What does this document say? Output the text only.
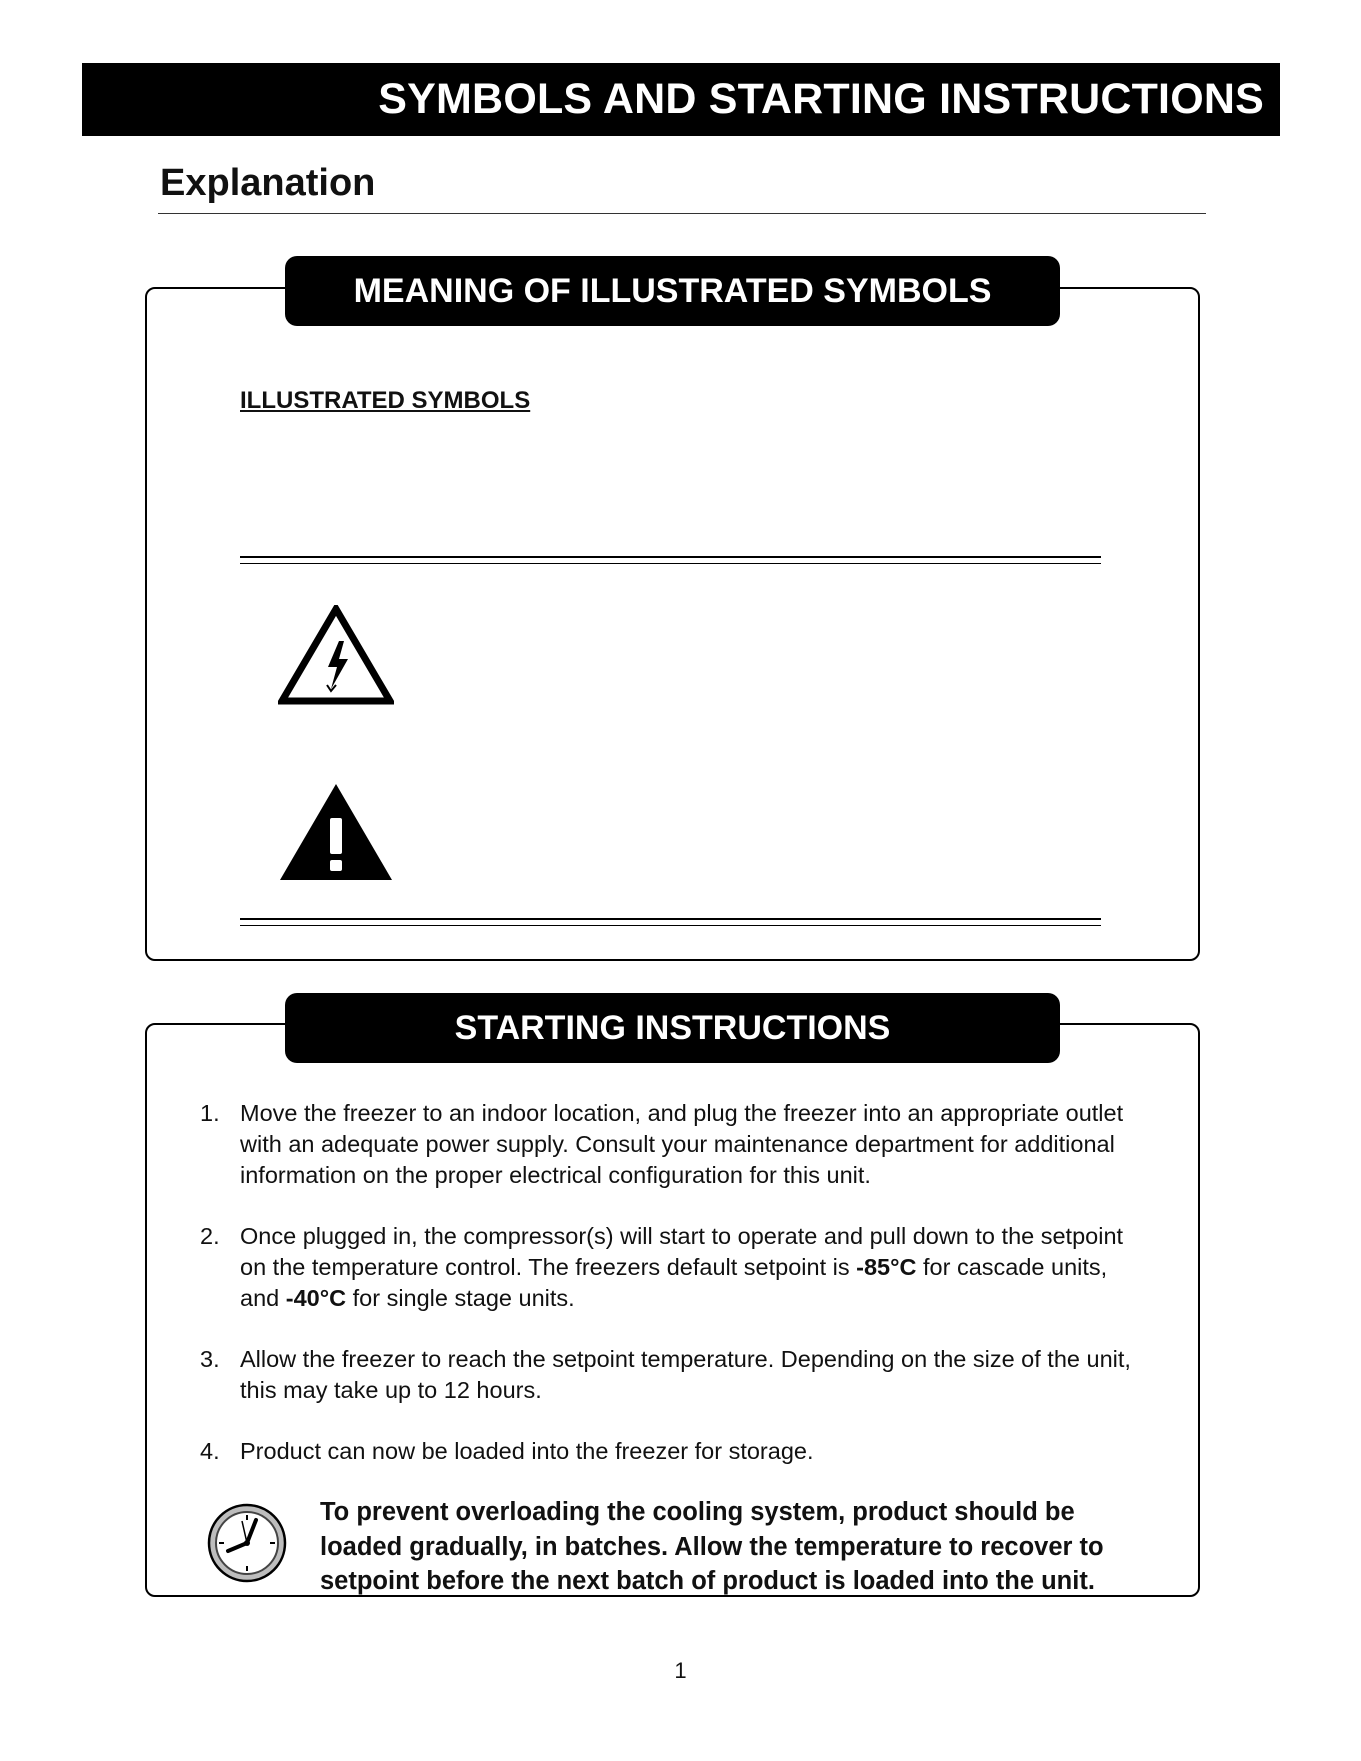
SYMBOLS AND STARTING INSTRUCTIONS
Explanation
MEANING OF ILLUSTRATED SYMBOLS
ILLUSTRATED SYMBOLS
STARTING INSTRUCTIONS
1. Move the freezer to an indoor location, and plug the freezer into an appropriate outlet with an adequate power supply. Consult your maintenance department for additional information on the proper electrical configuration for this unit.
2. Once plugged in, the compressor(s) will start to operate and pull down to the setpoint on the temperature control. The freezers default setpoint is -85°C for cascade units, and -40°C for single stage units.
3. Allow the freezer to reach the setpoint temperature. Depending on the size of the unit, this may take up to 12 hours.
4. Product can now be loaded into the freezer for storage.
To prevent overloading the cooling system, product should be loaded gradually, in batches. Allow the temperature to recover to setpoint before the next batch of product is loaded into the unit.
1
